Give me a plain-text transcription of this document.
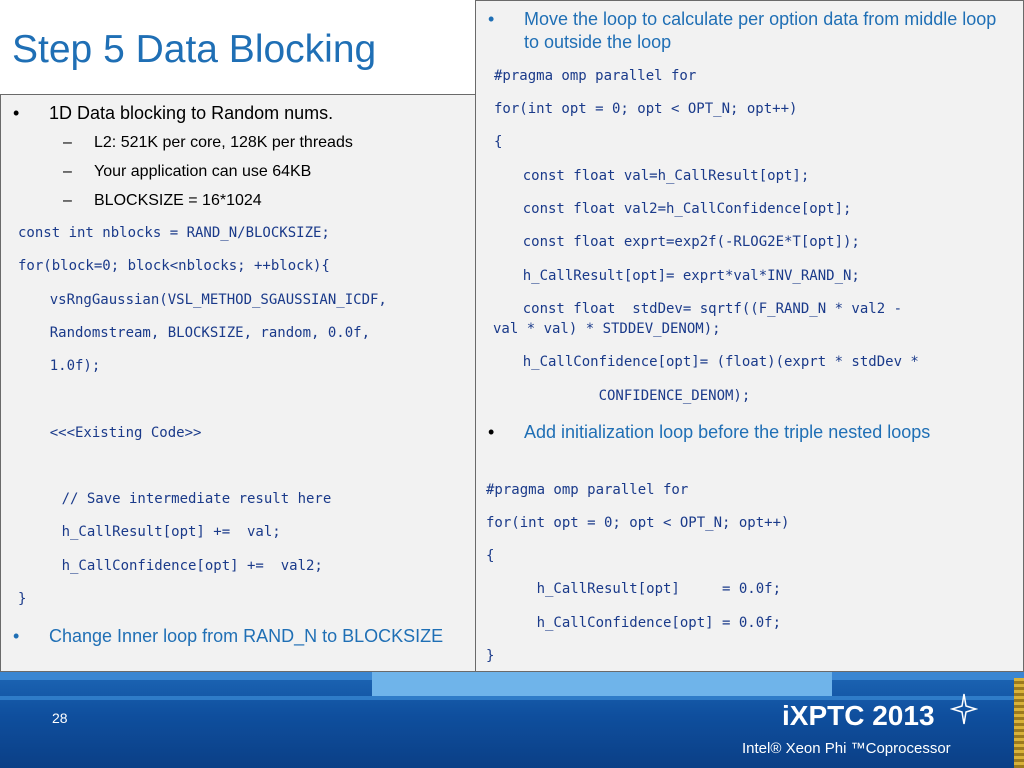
Step 5 Data Blocking
• 1D Data blocking to Random nums.
– L2: 521K per core, 128K per threads
– Your application can use 64KB
– BLOCKSIZE = 16*1024
const int nblocks = RAND_N/BLOCKSIZE;
for(block=0; block<nblocks; ++block){
vsRngGaussian(VSL_METHOD_SGAUSSIAN_ICDF,
Randomstream, BLOCKSIZE, random, 0.0f,
1.0f);
<<<Existing Code>>
// Save intermediate result here
h_CallResult[opt] +=  val;
h_CallConfidence[opt] +=  val2;
}
• Change Inner loop from RAND_N to BLOCKSIZE
• Move the loop to calculate per option data from middle loop to outside the loop
#pragma omp parallel for
for(int opt = 0; opt < OPT_N; opt++)
{
const float val=h_CallResult[opt];
const float val2=h_CallConfidence[opt];
const float exprt=exp2f(-RLOG2E*T[opt]);
h_CallResult[opt]= exprt*val*INV_RAND_N;
const float  stdDev= sqrtf((F_RAND_N * val2 -
val * val) * STDDEV_DENOM);
h_CallConfidence[opt]= (float)(exprt * stdDev *
CONFIDENCE_DENOM);
• Add initialization loop before the triple nested loops
#pragma omp parallel for
for(int opt = 0; opt < OPT_N; opt++)
{
h_CallResult[opt]     = 0.0f;
h_CallConfidence[opt] = 0.0f;
}
28	iXPTC 2013
Intel® Xeon Phi ™Coprocessor
